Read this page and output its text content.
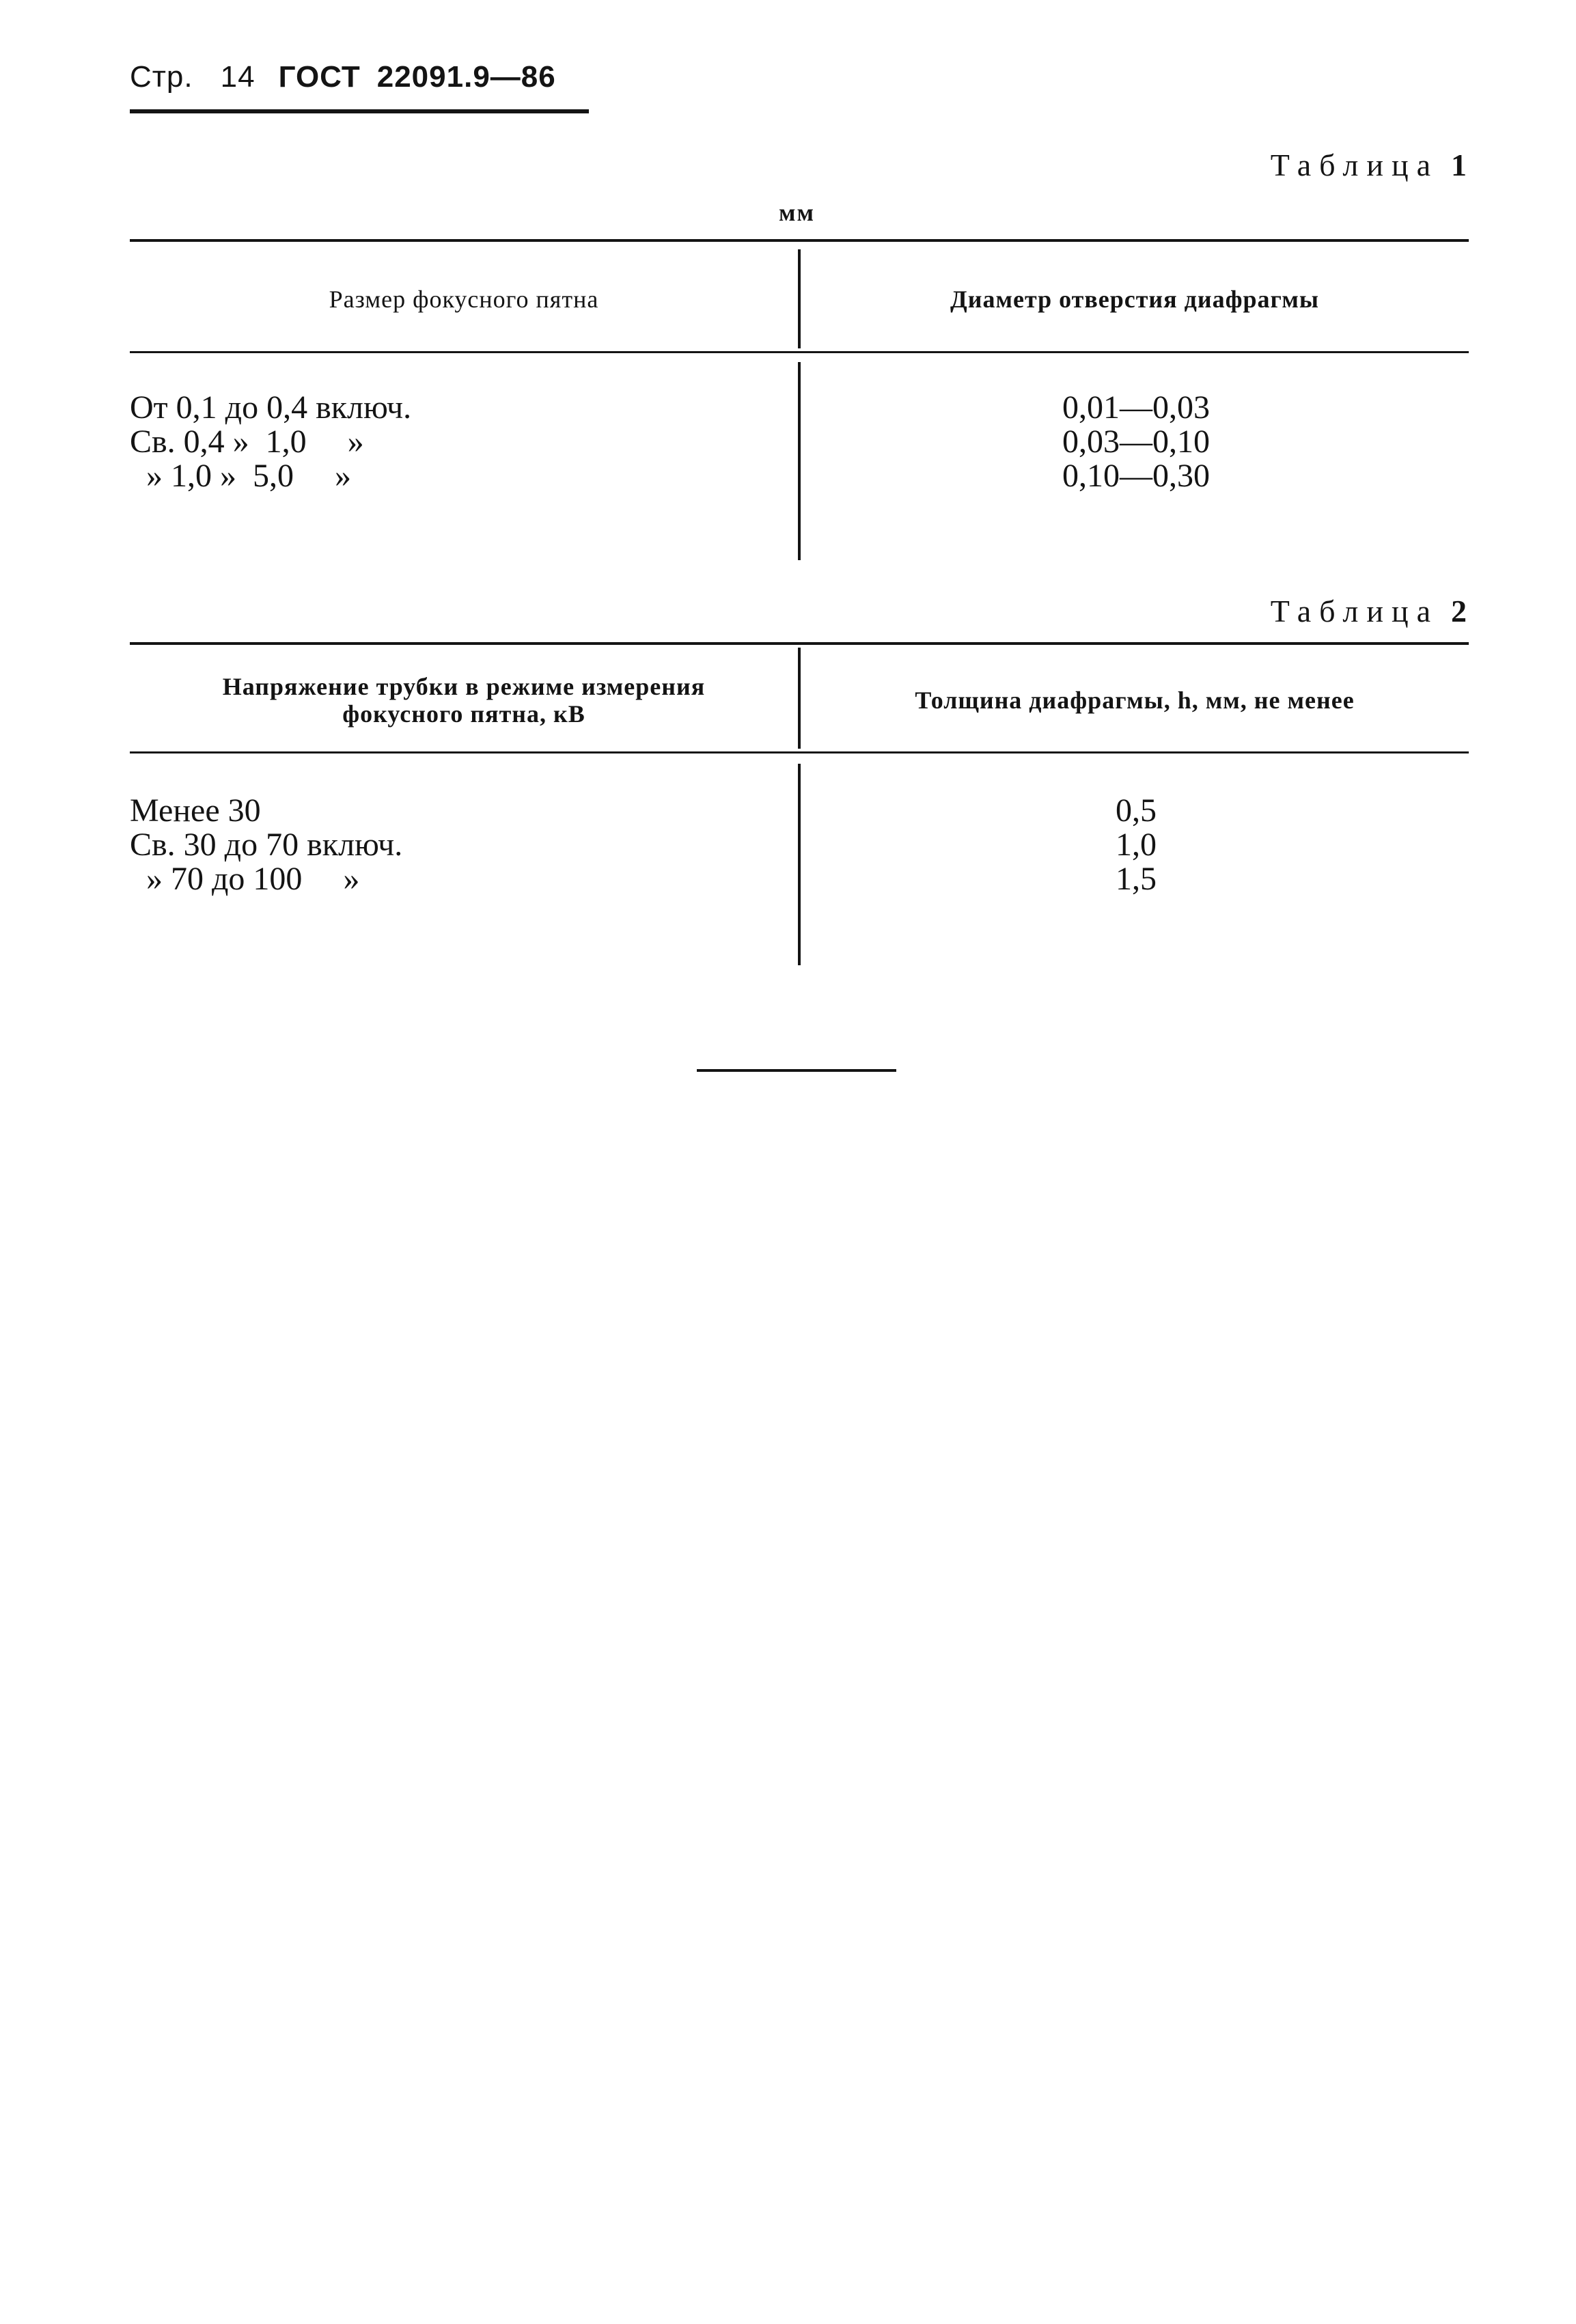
Стр. 14 ГОСТ 22091.9—86
Таблица 1
мм
Размер фокусного пятна	Диаметр отверстия диафрагмы
От 0,1 до 0,4 включ.	0,01—0,03
Св. 0,4 »  1,0     »	0,03—0,10
» 1,0 »  5,0     »	0,10—0,30
Таблица 2
Напряжение трубки в режиме измерения
фокусного пятна, кВ	Толщина диафрагмы, h, мм, не менее
Менее 30	0,5
Св. 30 до 70 включ.	1,0
» 70 до 100     »	1,5
